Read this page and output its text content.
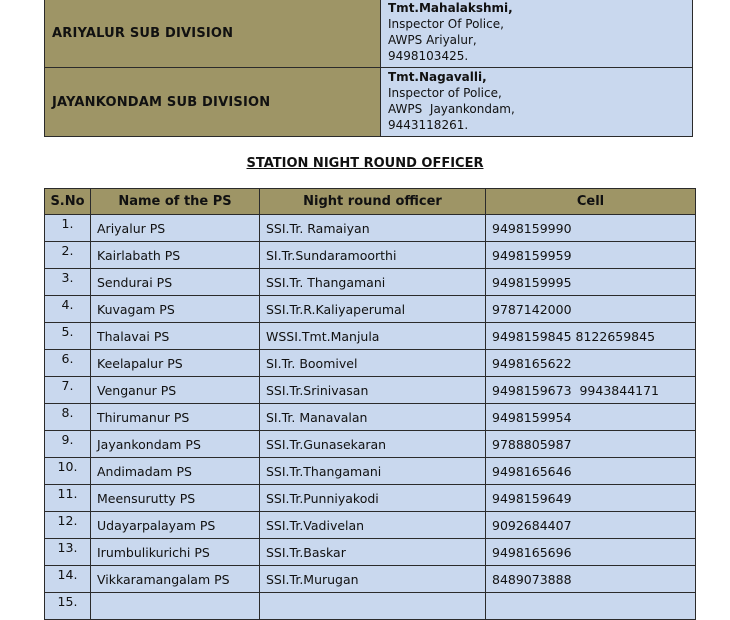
ARIYALUR SUB DIVISION	Tmt.Mahalakshmi,
Inspector Of Police,
AWPS Ariyalur,
9498103425.

JAYANKONDAM SUB DIVISION	Tmt.Nagavalli,
Inspector of Police,
AWPS  Jayankondam,
9443118261.
STATION NIGHT ROUND OFFICER
S.No	Name of the PS	Night round officer	Cell
1.	Ariyalur PS	SSI.Tr. Ramaiyan	9498159990
2.	Kairlabath PS	SI.Tr.Sundaramoorthi	9498159959
3.	Sendurai PS	SSI.Tr. Thangamani	9498159995
4.	Kuvagam PS	SSI.Tr.R.Kaliyaperumal	9787142000
5.	Thalavai PS	WSSI.Tmt.Manjula	9498159845 8122659845
6.	Keelapalur PS	SI.Tr. Boomivel	9498165622
7.	Venganur PS	SSI.Tr.Srinivasan	9498159673  9943844171
8.	Thirumanur PS	SI.Tr. Manavalan	9498159954
9.	Jayankondam PS	SSI.Tr.Gunasekaran	9788805987
10.	Andimadam PS	SSI.Tr.Thangamani	9498165646
11.	Meensurutty PS	SSI.Tr.Punniyakodi	9498159649
12.	Udayarpalayam PS	SSI.Tr.Vadivelan	9092684407
13.	Irumbulikurichi PS	SSI.Tr.Baskar	9498165696
14.	Vikkaramangalam PS	SSI.Tr.Murugan	8489073888
15.			
